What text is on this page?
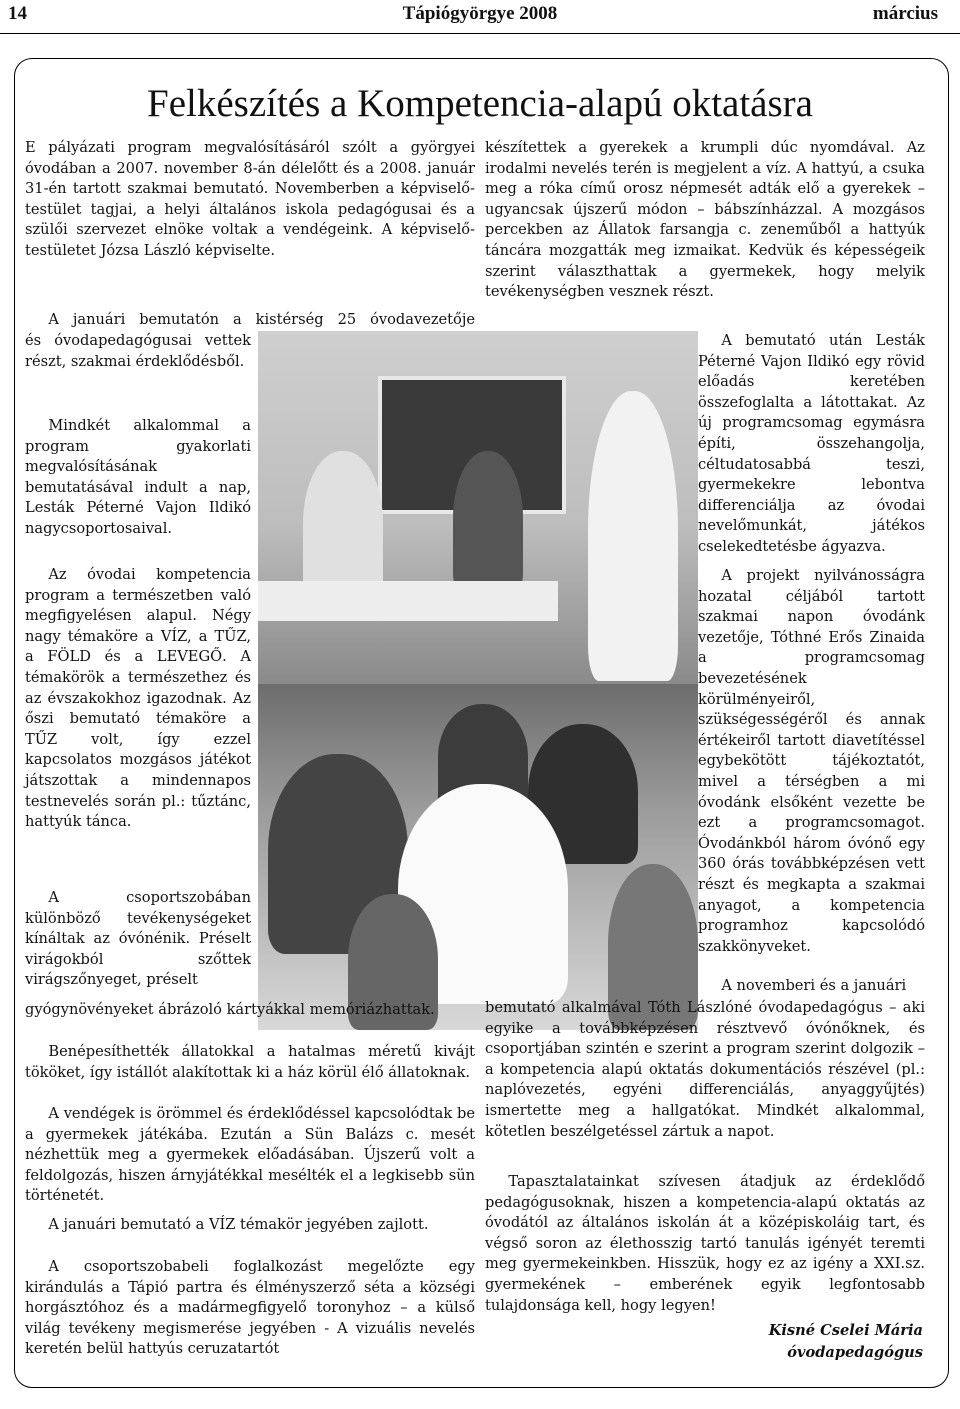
14	Tápiógyörgye 2008	március
Felkészítés a Kompetencia-alapú oktatásra

E pályázati program megvalósításáról szólt a györgyei óvodában a 2007. november 8-án délelőtt és a 2008. január 31-én tartott szakmai bemutató. Novemberben a képviselő-testület tagjai, a helyi általános iskola pedagógusai és a szülői szervezet elnöke voltak a vendégeink. A képviselő-testületet Józsa László képviselte.

A januári bemutatón a kistérség 25 óvodavezetője

és óvodapedagógusai vettek részt, szakmai érdeklődésből.

Mindkét alkalommal a program gyakorlati megvalósításának bemutatásával indult a nap, Lesták Péterné Vajon Ildikó nagycsoportosaival.

Az óvodai kompetencia program a természetben való megfigyelésen alapul. Négy nagy témaköre a VÍZ, a TŰZ, a FÖLD és a LEVEGŐ. A témakörök a természethez és az évszakokhoz igazodnak. Az őszi bemutató témaköre a TŰZ volt, így ezzel kapcsolatos mozgásos játékot játszottak a mindennapos testnevelés során pl.: tűztánc, hattyúk tánca.

A csoportszobában különböző tevékenységeket kínáltak az óvónénik. Préselt virágokból szőttek virágszőnyeget, préselt

gyógynövényeket ábrázoló kártyákkal memóriázhattak.

Benépesíthették állatokkal a hatalmas méretű kivájt tököket, így istállót alakítottak ki a ház körül élő állatoknak.

A vendégek is örömmel és érdeklődéssel kapcsolódtak be a gyermekek játékába. Ezután a Sün Balázs c. mesét nézhettük meg a gyermekek előadásában. Újszerű volt a feldolgozás, hiszen árnyjátékkal mesélték el a legkisebb sün történetét.

A januári bemutató a VÍZ témakör jegyében zajlott.

A csoportszobabeli foglalkozást megelőzte egy kirándulás a Tápió partra és élményszerző séta a községi horgásztóhoz és a madármegfigyelő toronyhoz – a külső világ tevékeny megismerése jegyében - A vizuális nevelés keretén belül hattyús ceruzatartót

készítettek a gyerekek a krumpli dúc nyomdával. Az irodalmi nevelés terén is megjelent a víz. A hattyú, a csuka meg a róka című orosz népmesét adták elő a gyerekek – ugyancsak újszerű módon – bábszínházzal. A mozgásos percekben az Állatok farsangja c. zeneműből a hattyúk táncára mozgatták meg izmaikat. Kedvük és képességeik szerint választhattak a gyermekek, hogy melyik tevékenységben vesznek részt.

A bemutató után Lesták Péterné Vajon Ildikó egy rövid előadás keretében összefoglalta a látottakat. Az új programcsomag egymásra építi, összehangolja, céltudatosabbá teszi, gyermekekre lebontva differenciálja az óvodai nevelőmunkát, játékos cselekedtetésbe ágyazva.

A projekt nyilvánosságra hozatal céljából tartott szakmai napon óvodánk vezetője, Tóthné Erős Zinaida a programcsomag bevezetésének körülményeiről, szükségességéről és annak értékeiről tartott diavetítéssel egybekötött tájékoztatót, mivel a térségben a mi óvodánk elsőként vezette be ezt a programcsomagot. Óvodánkból három óvónő egy 360 órás továbbképzésen vett részt és megkapta a szakmai anyagot, a kompetencia programhoz kapcsolódó szakkönyveket.

A novemberi és a januári

bemutató alkalmával Tóth Lászlóné óvodapedagógus – aki egyike a továbbképzésen résztvevő óvónőknek, és csoportjában szintén e szerint a program szerint dolgozik – a kompetencia alapú oktatás dokumentációs részével (pl.: naplóvezetés, egyéni differenciálás, anyaggyűjtés) ismertette meg a hallgatókat. Mindkét alkalommal, kötetlen beszélgetéssel zártuk a napot.

Tapasztalatainkat szívesen átadjuk az érdeklődő pedagógusoknak, hiszen a kompetencia-alapú oktatás az óvodától az általános iskolán át a középiskoláig tart, és végső soron az élethosszig tartó tanulás igényét teremti meg gyermekeinkben. Hisszük, hogy ez az igény a XXI.sz. gyermekének – emberének egyik legfontosabb tulajdonsága kell, hogy legyen!

Kisné Cselei Mária
óvodapedagógus
